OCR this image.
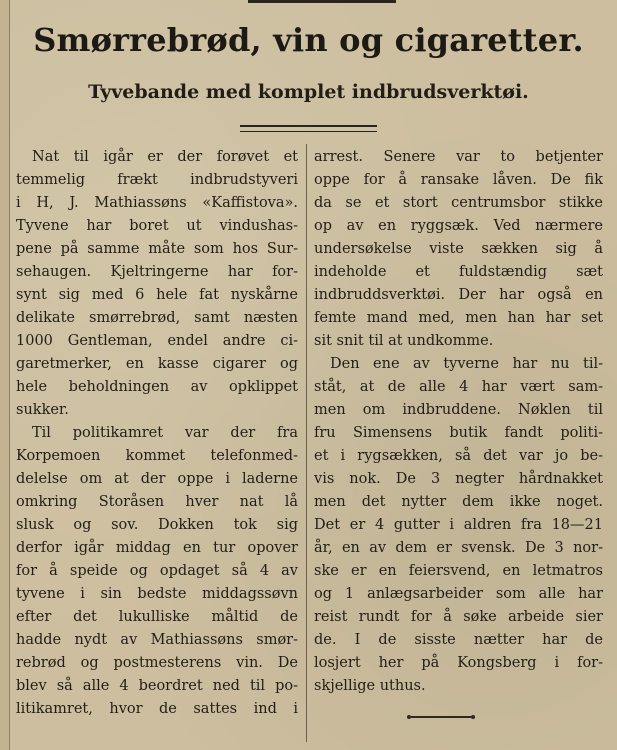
Smørrebrød, vin og cigaretter.
Tyvebande med komplet indbrudsverktøi.
Nat til igår er der forøvet et
temmelig frækt indbrudstyveri
i H, J. Mathiassøns «Kaffistova».
Tyvene har boret ut vindushas-
pene på samme måte som hos Sur-
sehaugen. Kjeltringerne har for-
synt sig med 6 hele fat nyskårne
delikate smørrebrød, samt næsten
1000 Gentleman, endel andre ci-
garetmerker, en kasse cigarer og
hele beholdningen av opklippet
sukker.
Til politikamret var der fra
Korpemoen kommet telefonmed-
delelse om at der oppe i laderne
omkring Storåsen hver nat lå
slusk og sov. Dokken tok sig
derfor igår middag en tur opover
for å speide og opdaget så 4 av
tyvene i sin bedste middagssøvn
efter det lukulliske måltid de
hadde nydt av Mathiassøns smør-
rebrød og postmesterens vin. De
blev så alle 4 beordret ned til po-
litikamret, hvor de sattes ind i
arrest. Senere var to betjenter
oppe for å ransake låven. De fik
da se et stort centrumsbor stikke
op av en ryggsæk. Ved nærmere
undersøkelse viste sækken sig å
indeholde et fuldstændig sæt
indbruddsverktøi. Der har også en
femte mand med, men han har set
sit snit til at undkomme.
Den ene av tyverne har nu til-
ståt, at de alle 4 har vært sam-
men om indbruddene. Nøklen til
fru Simensens butik fandt politi-
et i rygsækken, så det var jo be-
vis nok. De 3 negter hårdnakket
men det nytter dem ikke noget.
Det er 4 gutter i aldren fra 18—21
år, en av dem er svensk. De 3 nor-
ske er en feiersvend, en letmatros
og 1 anlægsarbeider som alle har
reist rundt for å søke arbeide sier
de. I de sisste nætter har de
losjert her på Kongsberg i for-
skjellige uthus.
